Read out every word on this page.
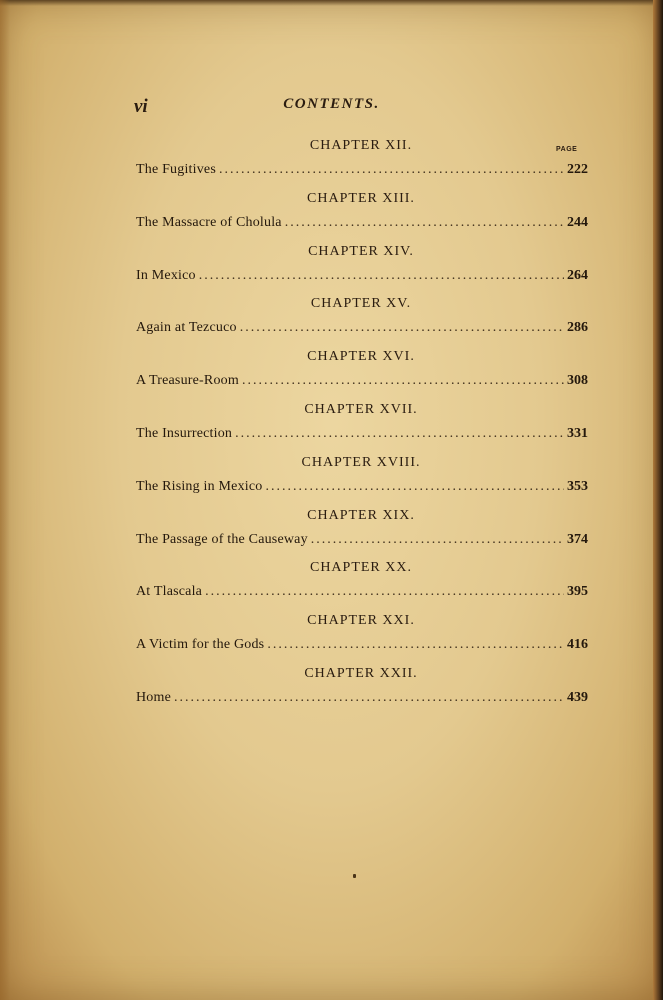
vi	CONTENTS.
PAGE
CHAPTER XII.
The Fugitives .....	222
CHAPTER XIII.
The Massacre of Cholula .....	244
CHAPTER XIV.
In Mexico .....	264
CHAPTER XV.
Again at Tezcuco .....	286
CHAPTER XVI.
A Treasure-Room .....	308
CHAPTER XVII.
The Insurrection .....	331
CHAPTER XVIII.
The Rising in Mexico .....	353
CHAPTER XIX.
The Passage of the Causeway .....	374
CHAPTER XX.
At Tlascala .....	395
CHAPTER XXI.
A Victim for the Gods .....	416
CHAPTER XXII.
Home .....	439
